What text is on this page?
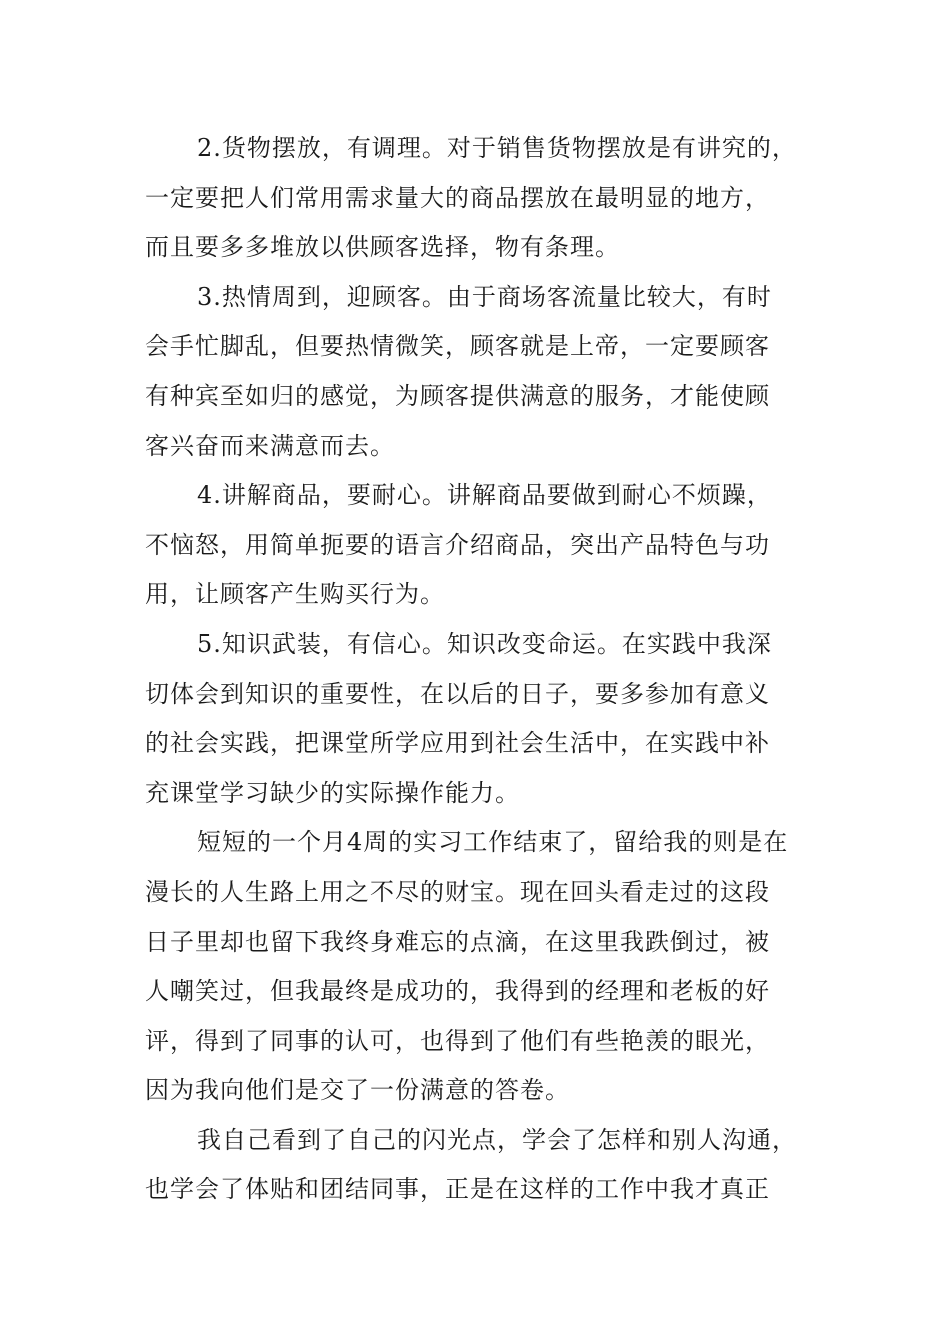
2.货物摆放，有调理。对于销售货物摆放是有讲究的，
一定要把人们常用需求量大的商品摆放在最明显的地方，
而且要多多堆放以供顾客选择，物有条理。
3.热情周到，迎顾客。由于商场客流量比较大，有时
会手忙脚乱，但要热情微笑，顾客就是上帝，一定要顾客
有种宾至如归的感觉，为顾客提供满意的服务，才能使顾
客兴奋而来满意而去。
4.讲解商品，要耐心。讲解商品要做到耐心不烦躁，
不恼怒，用简单扼要的语言介绍商品，突出产品特色与功
用，让顾客产生购买行为。
5.知识武装，有信心。知识改变命运。在实践中我深
切体会到知识的重要性，在以后的日子，要多参加有意义
的社会实践，把课堂所学应用到社会生活中，在实践中补
充课堂学习缺少的实际操作能力。
短短的一个月4周的实习工作结束了，留给我的则是在
漫长的人生路上用之不尽的财宝。现在回头看走过的这段
日子里却也留下我终身难忘的点滴，在这里我跌倒过，被
人嘲笑过，但我最终是成功的，我得到的经理和老板的好
评，得到了同事的认可，也得到了他们有些艳羡的眼光，
因为我向他们是交了一份满意的答卷。
我自己看到了自己的闪光点，学会了怎样和别人沟通，
也学会了体贴和团结同事，正是在这样的工作中我才真正
